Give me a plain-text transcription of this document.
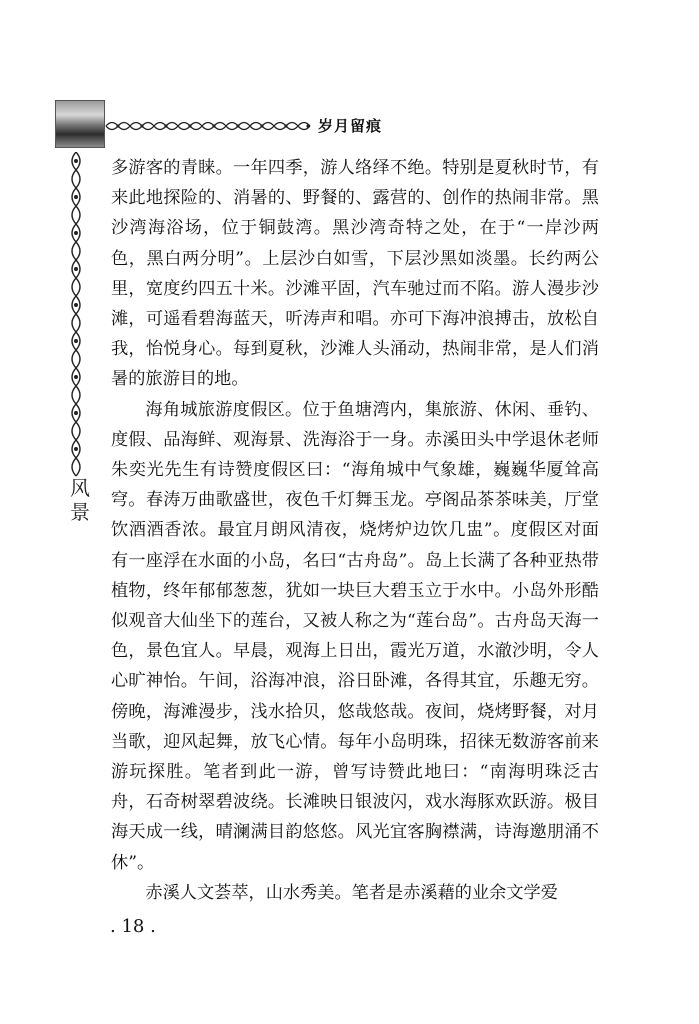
岁月留痕
风景

多游客的青睐。一年四季，游人络绎不绝。特别是夏秋时节，有来此地探险的、消暑的、野餐的、露营的、创作的热闹非常。黑沙湾海浴场，位于铜鼓湾。黑沙湾奇特之处，在于“一岸沙两色，黑白两分明”。上层沙白如雪，下层沙黑如淡墨。长约两公里，宽度约四五十米。沙滩平固，汽车驰过而不陷。游人漫步沙滩，可遥看碧海蓝天，听涛声和唱。亦可下海冲浪搏击，放松自我，怡悦身心。每到夏秋，沙滩人头涌动，热闹非常，是人们消暑的旅游目的地。

海角城旅游度假区。位于鱼塘湾内，集旅游、休闲、垂钓、度假、品海鲜、观海景、洗海浴于一身。赤溪田头中学退休老师朱奕光先生有诗赞度假区曰：“海角城中气象雄，巍巍华厦耸高穹。春涛万曲歌盛世，夜色千灯舞玉龙。亭阁品茶茶味美，厅堂饮酒酒香浓。最宜月朗风清夜，烧烤炉边饮几盅”。度假区对面有一座浮在水面的小岛，名曰“古舟岛”。岛上长满了各种亚热带植物，终年郁郁葱葱，犹如一块巨大碧玉立于水中。小岛外形酷似观音大仙坐下的莲台，又被人称之为“莲台岛”。古舟岛天海一色，景色宜人。早晨，观海上日出，霞光万道，水澈沙明，令人心旷神怡。午间，浴海冲浪，浴日卧滩，各得其宜，乐趣无穷。傍晚，海滩漫步，浅水拾贝，悠哉悠哉。夜间，烧烤野餐，对月当歌，迎风起舞，放飞心情。每年小岛明珠，招徕无数游客前来游玩探胜。笔者到此一游，曾写诗赞此地曰：“南海明珠泛古舟，石奇树翠碧波绕。长滩映日银波闪，戏水海豚欢跃游。极目海天成一线，晴澜满目韵悠悠。风光宜客胸襟满，诗海邀朋涌不休”。

赤溪人文荟萃，山水秀美。笔者是赤溪藉的业余文学爱

. 18 .
